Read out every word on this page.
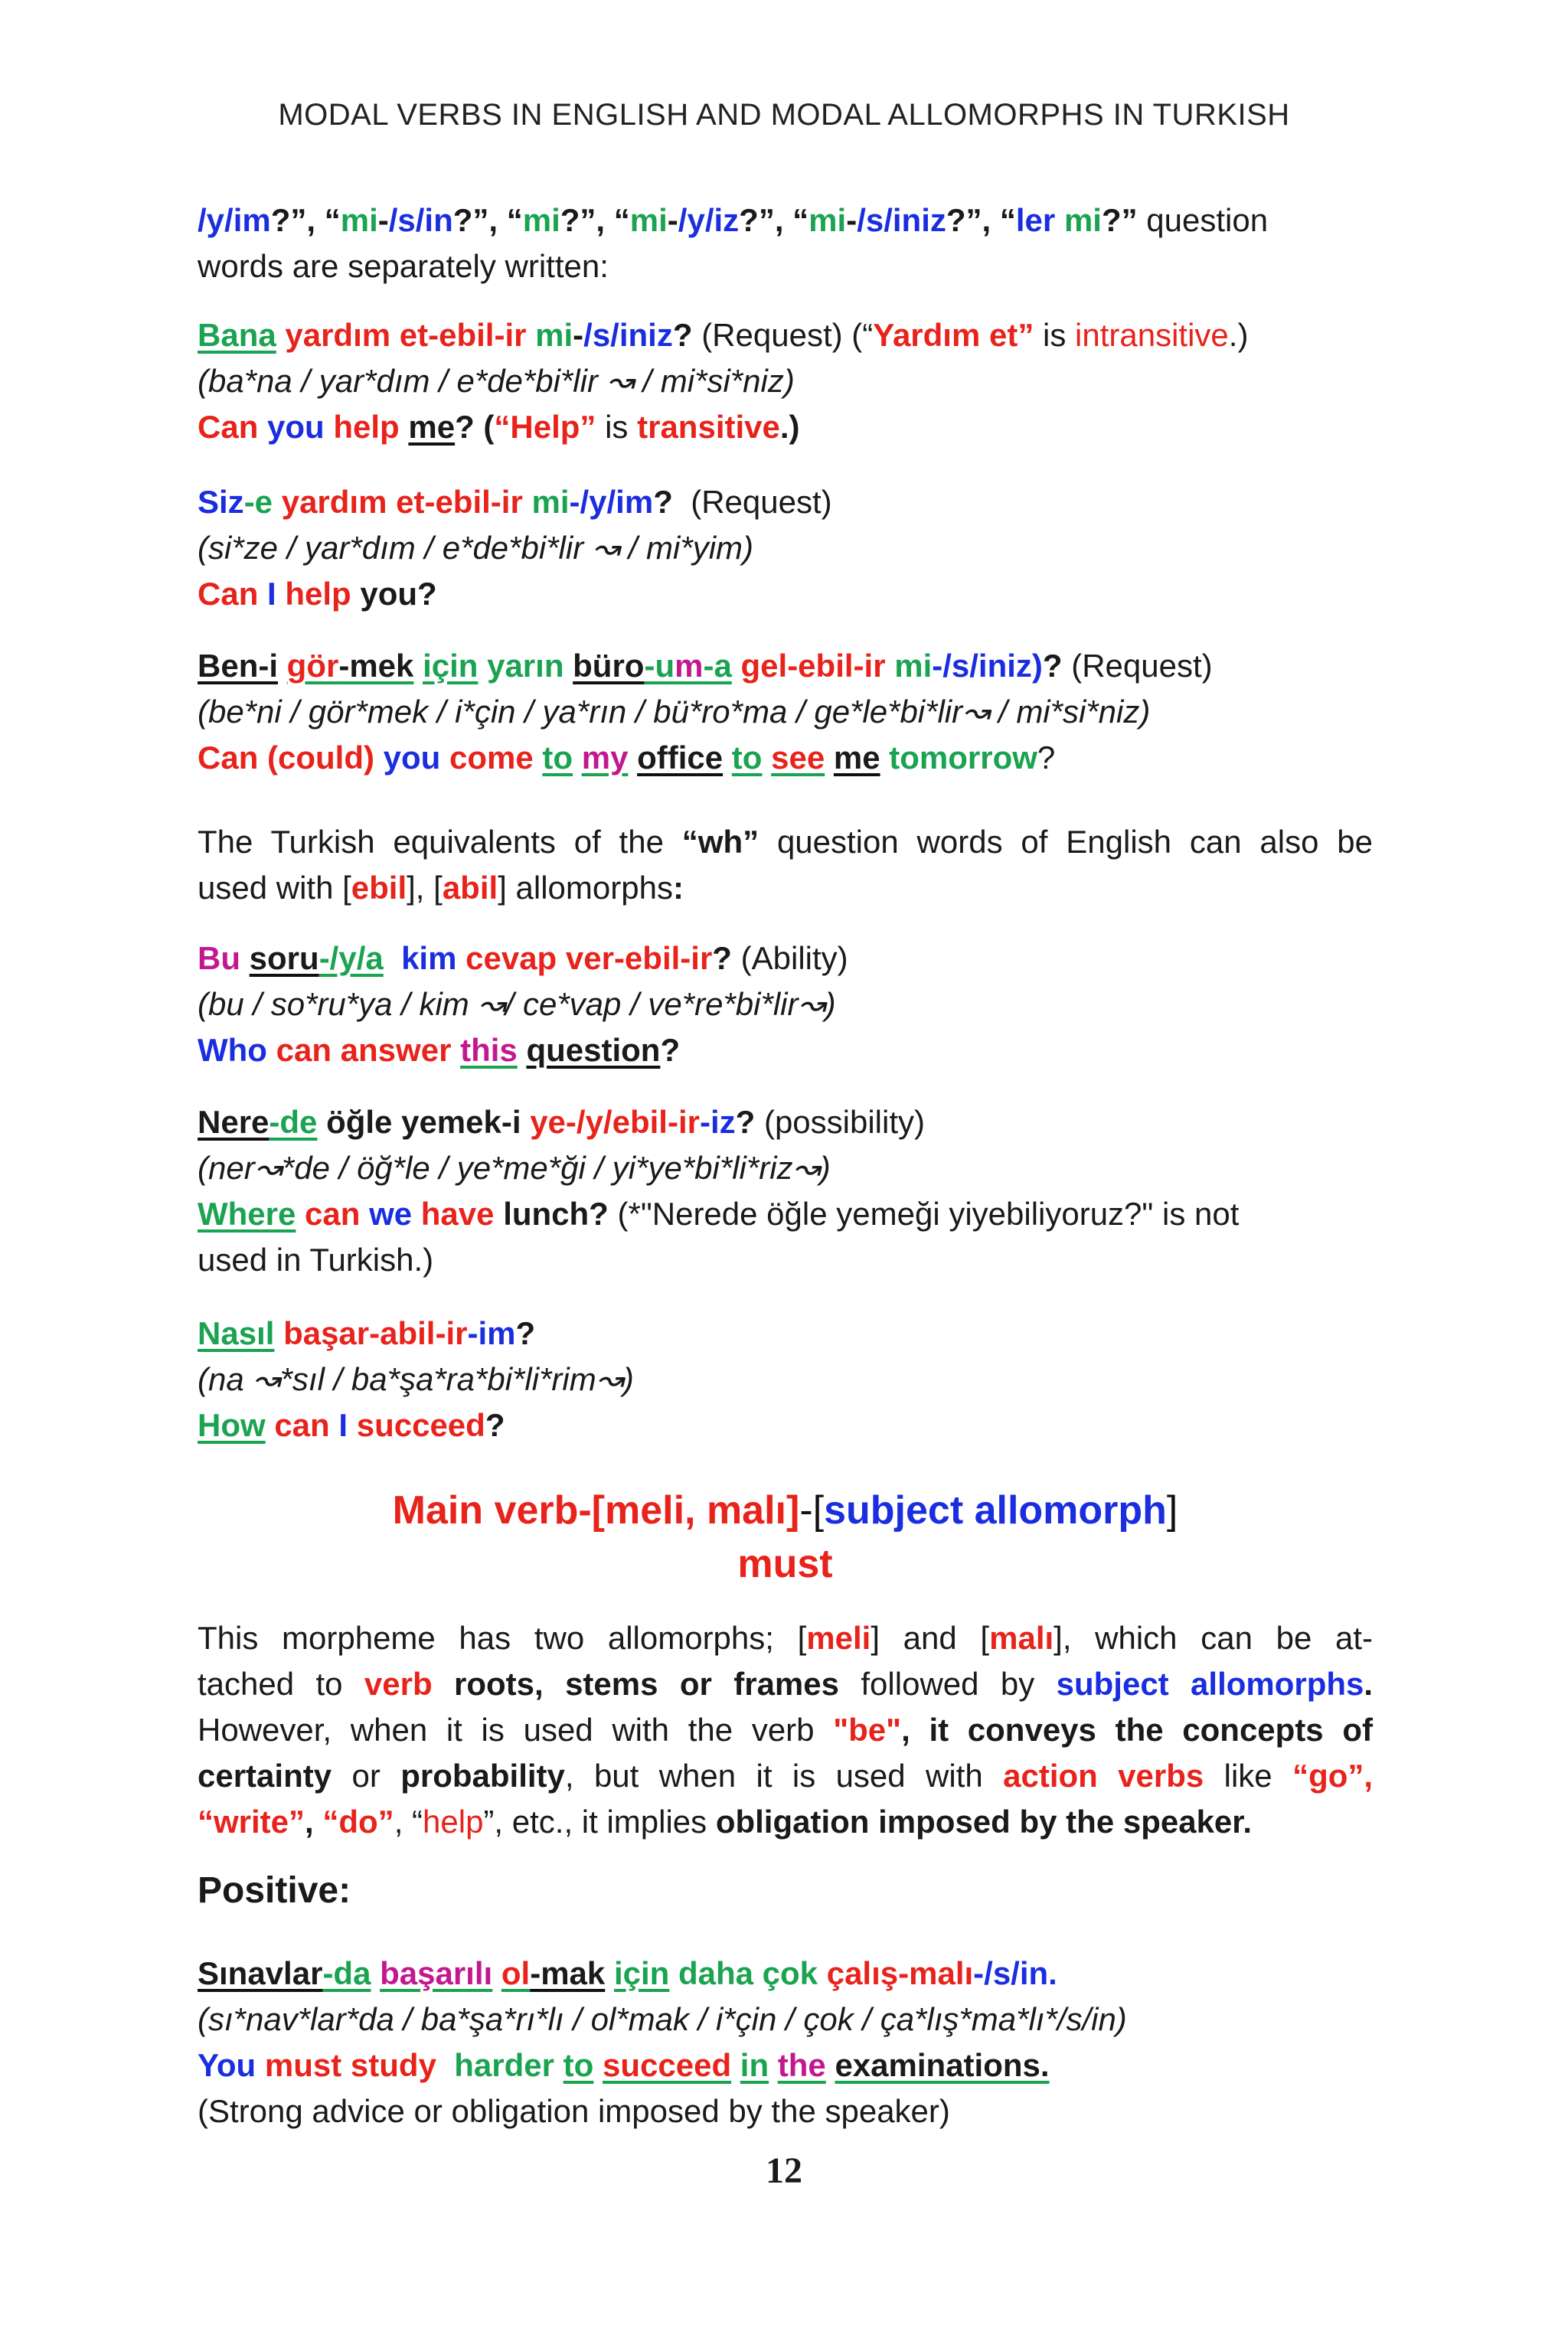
MODAL VERBS IN ENGLISH AND MODAL ALLOMORPHS IN TURKISH

/y/im?”, “mi-/s/in?”, “mi?”, “mi-/y/iz?”, “mi-/s/iniz?”, “ler mi?” question

words are separately written:

Bana yardım et-ebil-ir mi-/s/iniz? (Request) (“Yardım et” is intransitive.)

(ba*na / yar*dım / e*de*bi*lir ↝ / mi*si*niz)

Can you help me? (“Help” is transitive.)

Siz-e yardım et-ebil-ir mi-/y/im? (Request)

(si*ze / yar*dım / e*de*bi*lir ↝ / mi*yim)

Can I help you?

Ben-i gör-mek için yarın büro-um-a gel-ebil-ir mi-/s/iniz)? (Request)

(be*ni / gör*mek / i*çin / ya*rın / bü*ro*ma / ge*le*bi*lir↝ / mi*si*niz)

Can (could) you come to my office to see me tomorrow?

The Turkish equivalents of the “wh” question words of English can also be

used with [ebil], [abil] allomorphs:

Bu soru-/y/a kim cevap ver-ebil-ir? (Ability)

(bu / so*ru*ya / kim ↝/ ce*vap / ve*re*bi*lir↝)

Who can answer this question?

Nere-de öğle yemek-i ye-/y/ebil-ir-iz? (possibility)

(ner↝*de / öğ*le / ye*me*ği / yi*ye*bi*li*riz↝)

Where can we have lunch? (*"Nerede öğle yemeği yiyebiliyoruz?" is not

used in Turkish.)

Nasıl başar-abil-ir-im?

(na ↝*sıl / ba*şa*ra*bi*li*rim↝)

How can I succeed?

Main verb-[meli, malı]-[subject allomorph]

must

This morpheme has two allomorphs; [meli] and [malı], which can be at-

tached to verb roots, stems or frames followed by subject allomorphs.

However, when it is used with the verb "be", it conveys the concepts of

certainty or probability, but when it is used with action verbs like “go”,

“write”, “do”, “help”, etc., it implies obligation imposed by the speaker.

Positive:

Sınavlar-da başarılı ol-mak için daha çok çalış-malı-/s/in.

(sı*nav*lar*da / ba*şa*rı*lı / ol*mak / i*çin / çok / ça*lış*ma*lı*/s/in)

You must study harder to succeed in the examinations.

(Strong advice or obligation imposed by the speaker)

12
